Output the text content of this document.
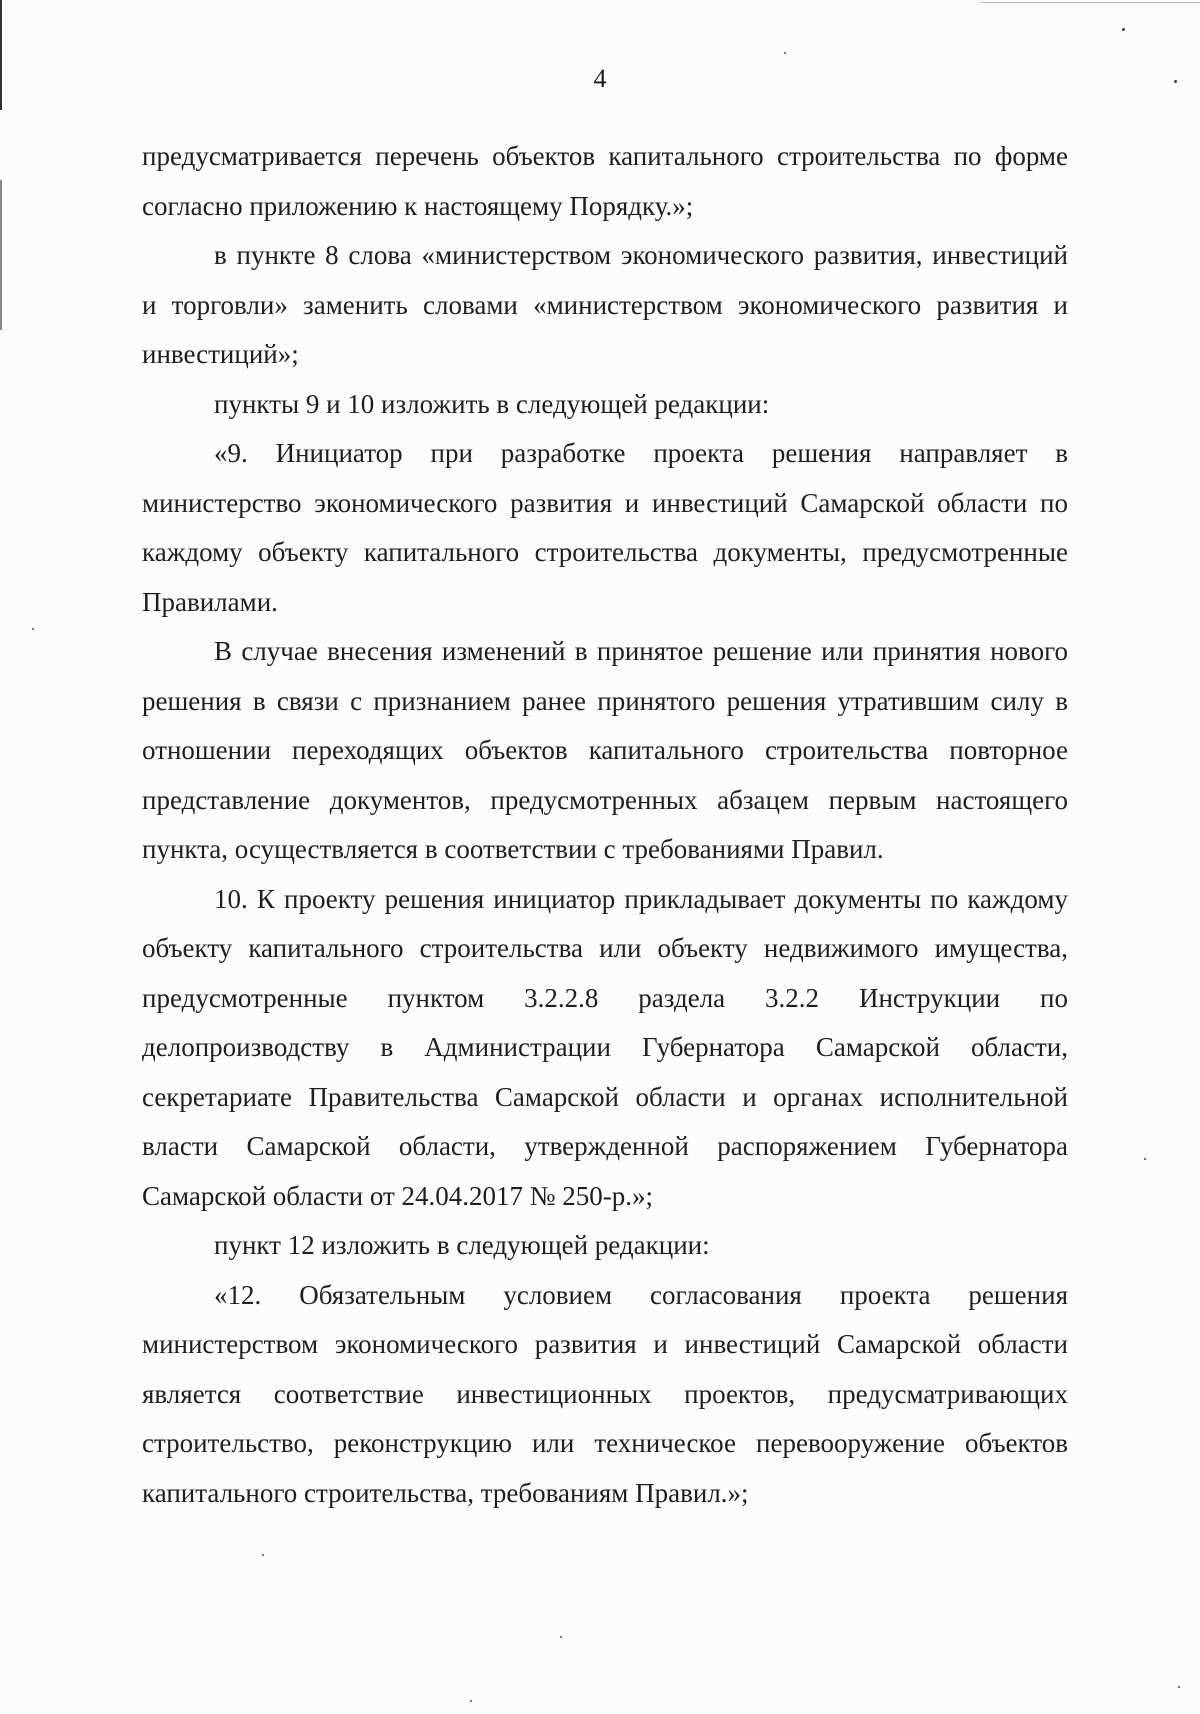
4

предусматривается перечень объектов капитального строительства по форме согласно приложению к настоящему Порядку.»;

в пункте 8 слова «министерством экономического развития, инвестиций и торговли» заменить словами «министерством экономического развития и инвестиций»;

пункты 9 и 10 изложить в следующей редакции:

«9. Инициатор при разработке проекта решения направляет в министерство экономического развития и инвестиций Самарской области по каждому объекту капитального строительства документы, предусмотренные Правилами.

В случае внесения изменений в принятое решение или принятия нового решения в связи с признанием ранее принятого решения утратившим силу в отношении переходящих объектов капитального строительства повторное представление документов, предусмотренных абзацем первым настоящего пункта, осуществляется в соответствии с требованиями Правил.

10. К проекту решения инициатор прикладывает документы по каждому объекту капитального строительства или объекту недвижимого имущества, предусмотренные пунктом 3.2.2.8 раздела 3.2.2 Инструкции по делопроизводству в Администрации Губернатора Самарской области, секретариате Правительства Самарской области и органах исполнительной власти Самарской области, утвержденной распоряжением Губернатора Самарской области от 24.04.2017 № 250-р.»;

пункт 12 изложить в следующей редакции:

«12. Обязательным условием согласования проекта решения министерством экономического развития и инвестиций Самарской области является соответствие инвестиционных проектов, предусматривающих строительство, реконструкцию или техническое перевооружение объектов капитального строительства, требованиям Правил.»;
